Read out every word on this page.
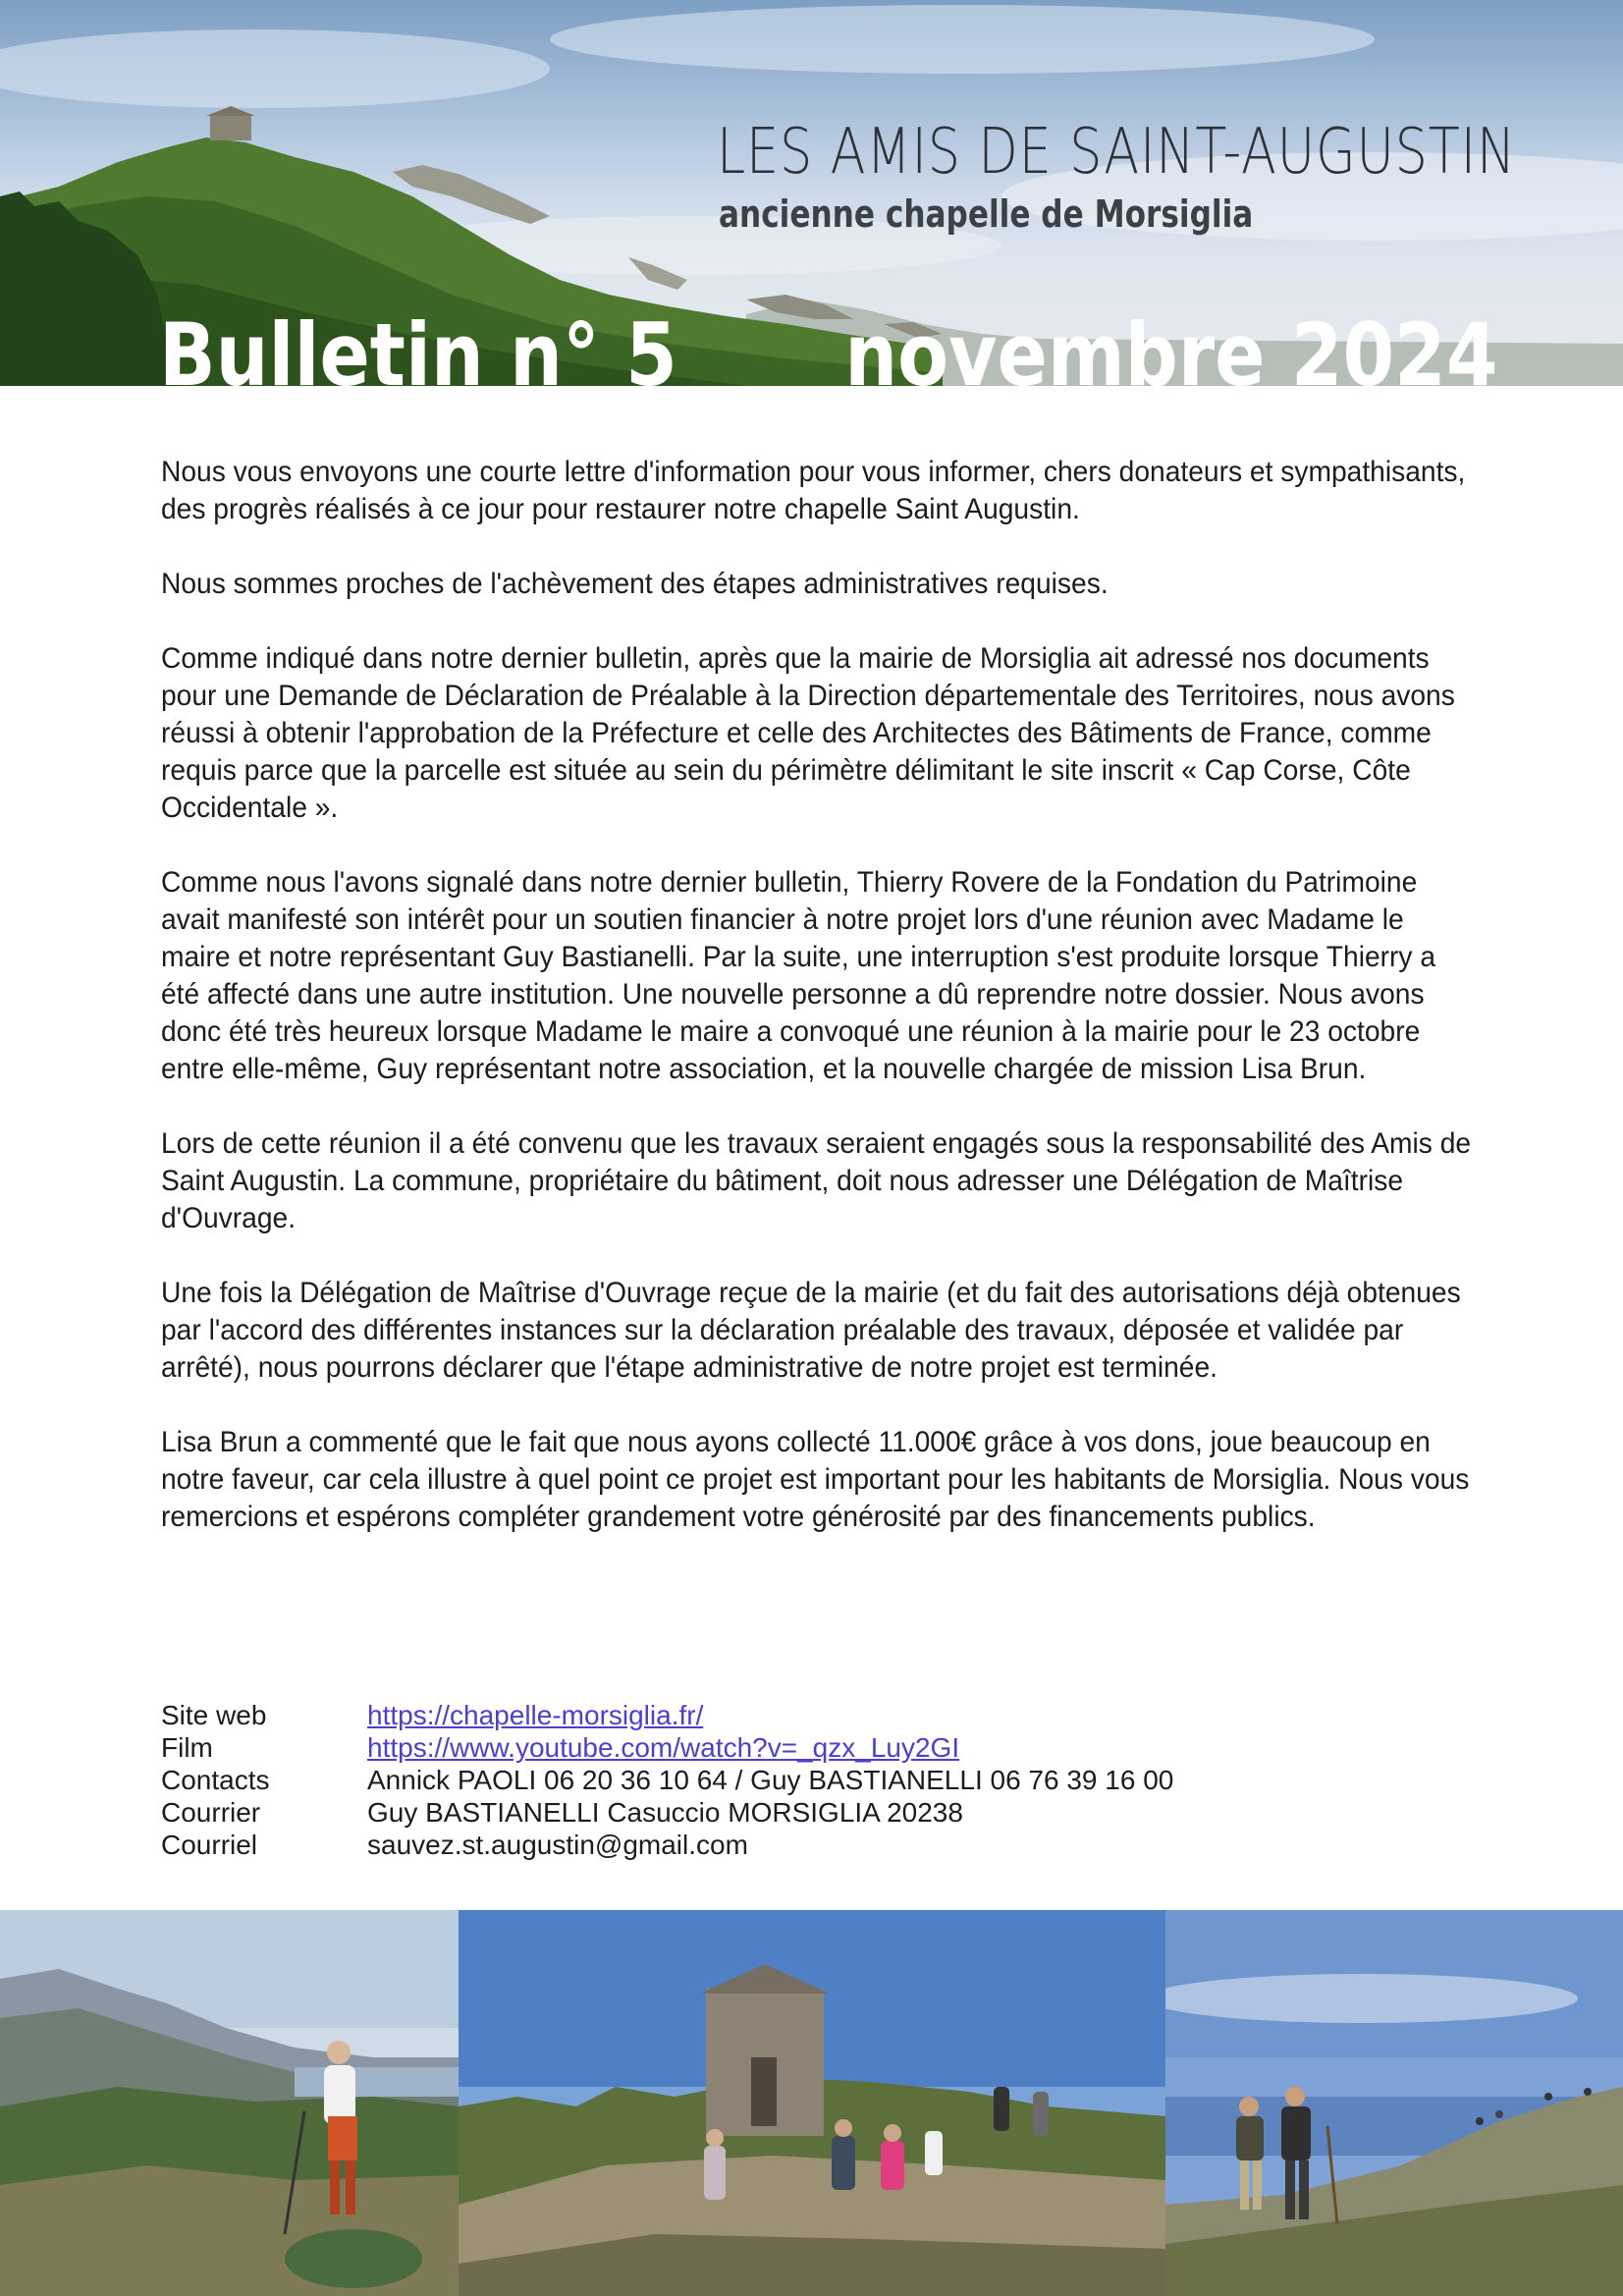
LES AMIS DE SAINT-AUGUSTIN
ancienne chapelle de Morsiglia
Bulletin n° 5 novembre 2024

Nous vous envoyons une courte lettre d'information pour vous informer, chers donateurs et sympathisants, des progrès réalisés à ce jour pour restaurer notre chapelle Saint Augustin.

Nous sommes proches de l'achèvement des étapes administratives requises.

Comme indiqué dans notre dernier bulletin, après que la mairie de Morsiglia ait adressé nos documents pour une Demande de Déclaration de Préalable à la Direction départementale des Territoires, nous avons réussi à obtenir l'approbation de la Préfecture et celle des Architectes des Bâtiments de France, comme requis parce que la parcelle est située au sein du périmètre délimitant le site inscrit « Cap Corse, Côte Occidentale ».

Comme nous l'avons signalé dans notre dernier bulletin, Thierry Rovere de la Fondation du Patrimoine avait manifesté son intérêt pour un soutien financier à notre projet lors d'une réunion avec Madame le maire et notre représentant Guy Bastianelli. Par la suite, une interruption s'est produite lorsque Thierry a été affecté dans une autre institution. Une nouvelle personne a dû reprendre notre dossier. Nous avons donc été très heureux lorsque Madame le maire a convoqué une réunion à la mairie pour le 23 octobre entre elle-même, Guy représentant notre association, et la nouvelle chargée de mission Lisa Brun.

Lors de cette réunion il a été convenu que les travaux seraient engagés sous la responsabilité des Amis de Saint Augustin. La commune, propriétaire du bâtiment, doit nous adresser une Délégation de Maîtrise d'Ouvrage.

Une fois la Délégation de Maîtrise d'Ouvrage reçue de la mairie (et du fait des autorisations déjà obtenues par l'accord des différentes instances sur la déclaration préalable des travaux, déposée et validée par arrêté), nous pourrons déclarer que l'étape administrative de notre projet est terminée.

Lisa Brun a commenté que le fait que nous ayons collecté 11.000€ grâce à vos dons, joue beaucoup en notre faveur, car cela illustre à quel point ce projet est important pour les habitants de Morsiglia. Nous vous remercions et espérons compléter grandement votre générosité par des financements publics.

Site web	https://chapelle-morsiglia.fr/
Film	https://www.youtube.com/watch?v=_qzx_Luy2GI
Contacts	Annick PAOLI 06 20 36 10 64 / Guy BASTIANELLI 06 76 39 16 00
Courrier	Guy BASTIANELLI Casuccio MORSIGLIA 20238
Courriel	sauvez.st.augustin@gmail.com
